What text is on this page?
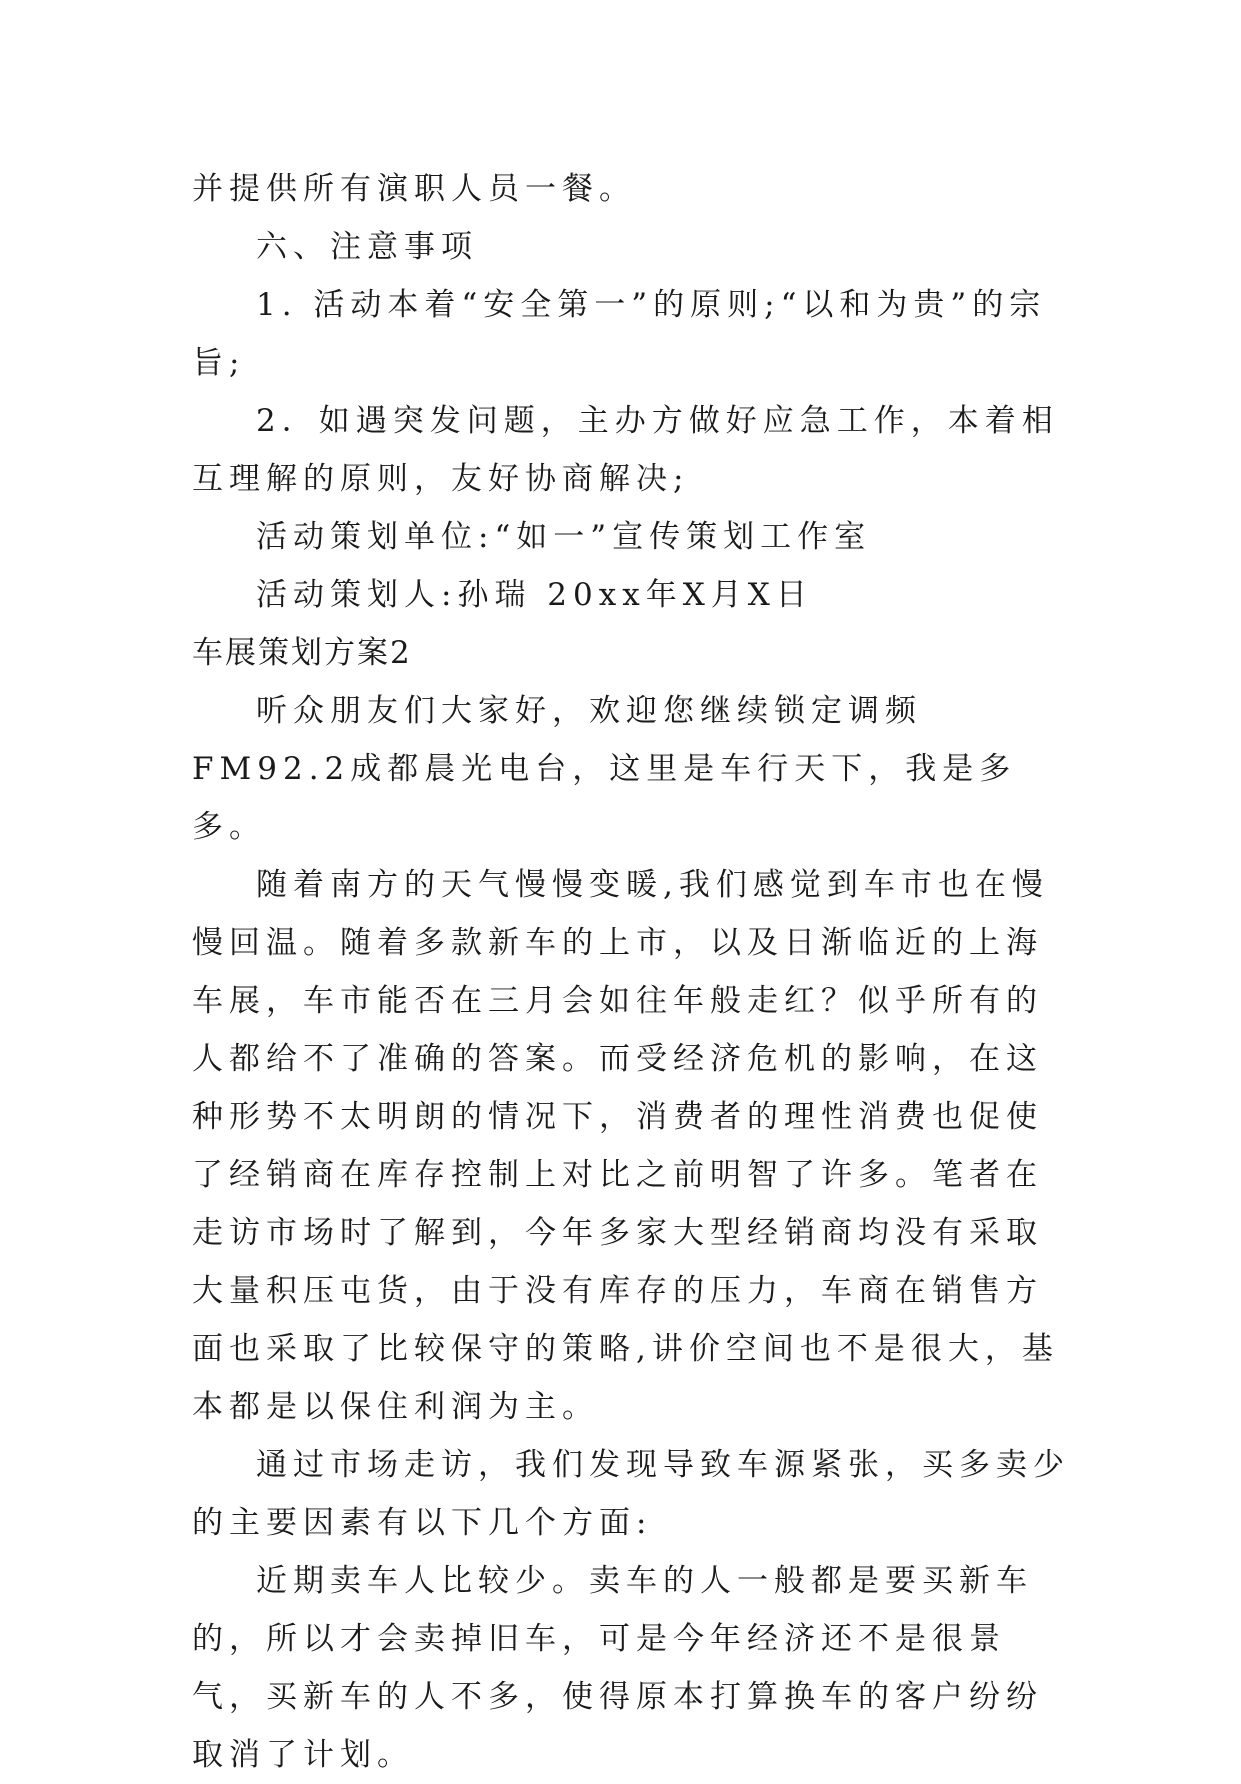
并提供所有演职人员一餐。

六、注意事项

1. 活动本着“安全第一”的原则;“以和为贵”的宗旨;

2．如遇突发问题，主办方做好应急工作，本着相互理解的原则，友好协商解决;

活动策划单位:“如一”宣传策划工作室

活动策划人:孙瑞 20xx年X月X日

车展策划方案2

听众朋友们大家好，欢迎您继续锁定调频FM92.2成都晨光电台，这里是车行天下，我是多多。

随着南方的天气慢慢变暖,我们感觉到车市也在慢慢回温。随着多款新车的上市，以及日渐临近的上海车展，车市能否在三月会如往年般走红？似乎所有的人都给不了准确的答案。而受经济危机的影响，在这种形势不太明朗的情况下，消费者的理性消费也促使了经销商在库存控制上对比之前明智了许多。笔者在走访市场时了解到，今年多家大型经销商均没有采取大量积压屯货，由于没有库存的压力，车商在销售方面也采取了比较保守的策略,讲价空间也不是很大，基本都是以保住利润为主。

通过市场走访，我们发现导致车源紧张，买多卖少的主要因素有以下几个方面:

近期卖车人比较少。卖车的人一般都是要买新车的，所以才会卖掉旧车，可是今年经济还不是很景气，买新车的人不多，使得原本打算换车的客户纷纷取消了计划。
